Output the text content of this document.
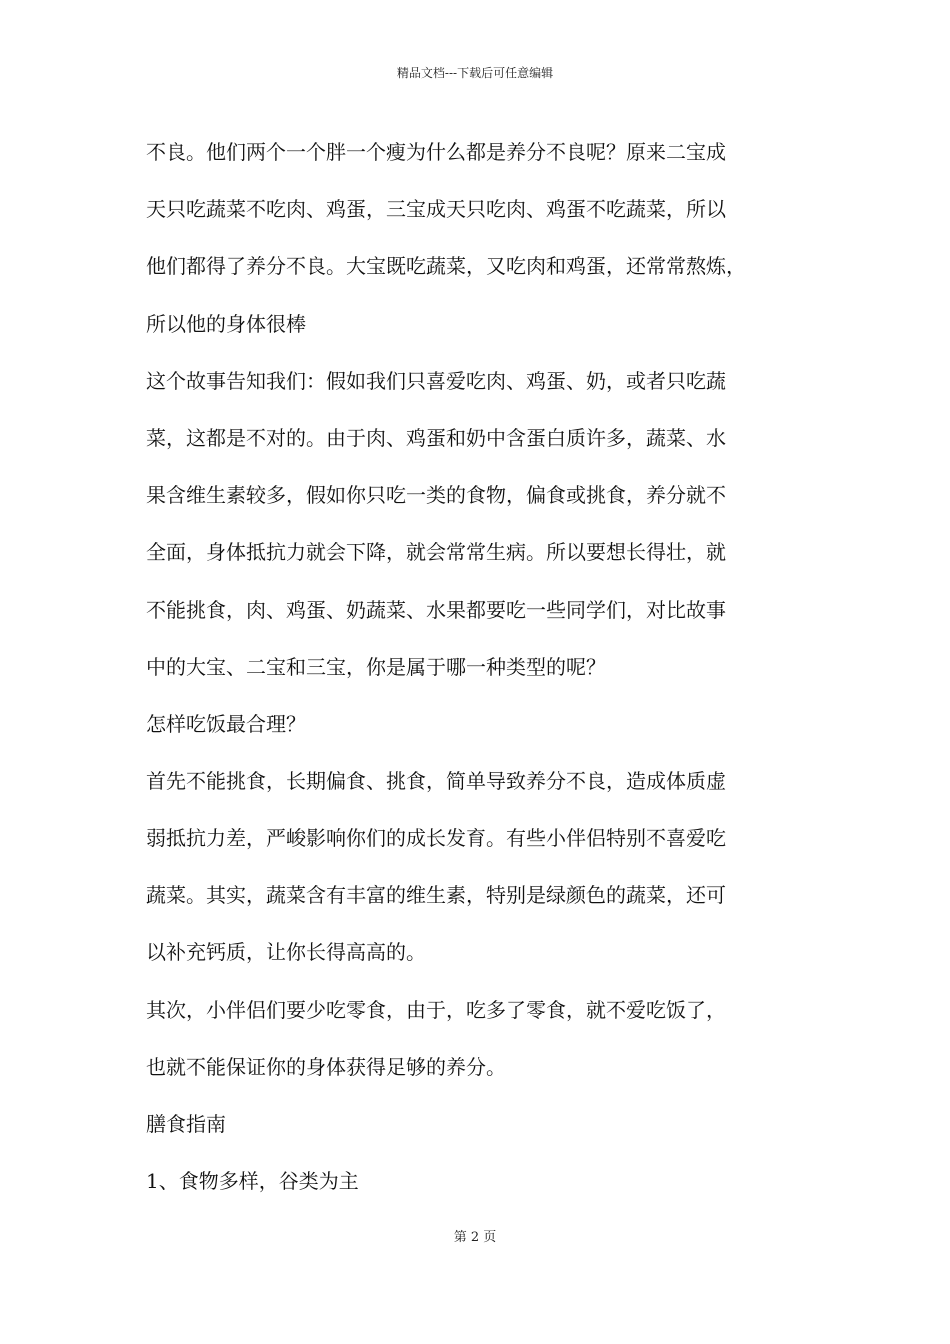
精品文档---下载后可任意编辑
不良。他们两个一个胖一个瘦为什么都是养分不良呢？原来二宝成
天只吃蔬菜不吃肉、鸡蛋，三宝成天只吃肉、鸡蛋不吃蔬菜，所以
他们都得了养分不良。大宝既吃蔬菜，又吃肉和鸡蛋，还常常熬炼，
所以他的身体很棒
这个故事告知我们：假如我们只喜爱吃肉、鸡蛋、奶，或者只吃蔬
菜，这都是不对的。由于肉、鸡蛋和奶中含蛋白质许多，蔬菜、水
果含维生素较多，假如你只吃一类的食物，偏食或挑食，养分就不
全面，身体抵抗力就会下降，就会常常生病。所以要想长得壮，就
不能挑食，肉、鸡蛋、奶蔬菜、水果都要吃一些同学们，对比故事
中的大宝、二宝和三宝，你是属于哪一种类型的呢？
怎样吃饭最合理？
首先不能挑食，长期偏食、挑食，简单导致养分不良，造成体质虚
弱抵抗力差，严峻影响你们的成长发育。有些小伴侣特别不喜爱吃
蔬菜。其实，蔬菜含有丰富的维生素，特别是绿颜色的蔬菜，还可
以补充钙质，让你长得高高的。
其次，小伴侣们要少吃零食，由于，吃多了零食，就不爱吃饭了，
也就不能保证你的身体获得足够的养分。
膳食指南
1、食物多样，谷类为主
第 2 页
